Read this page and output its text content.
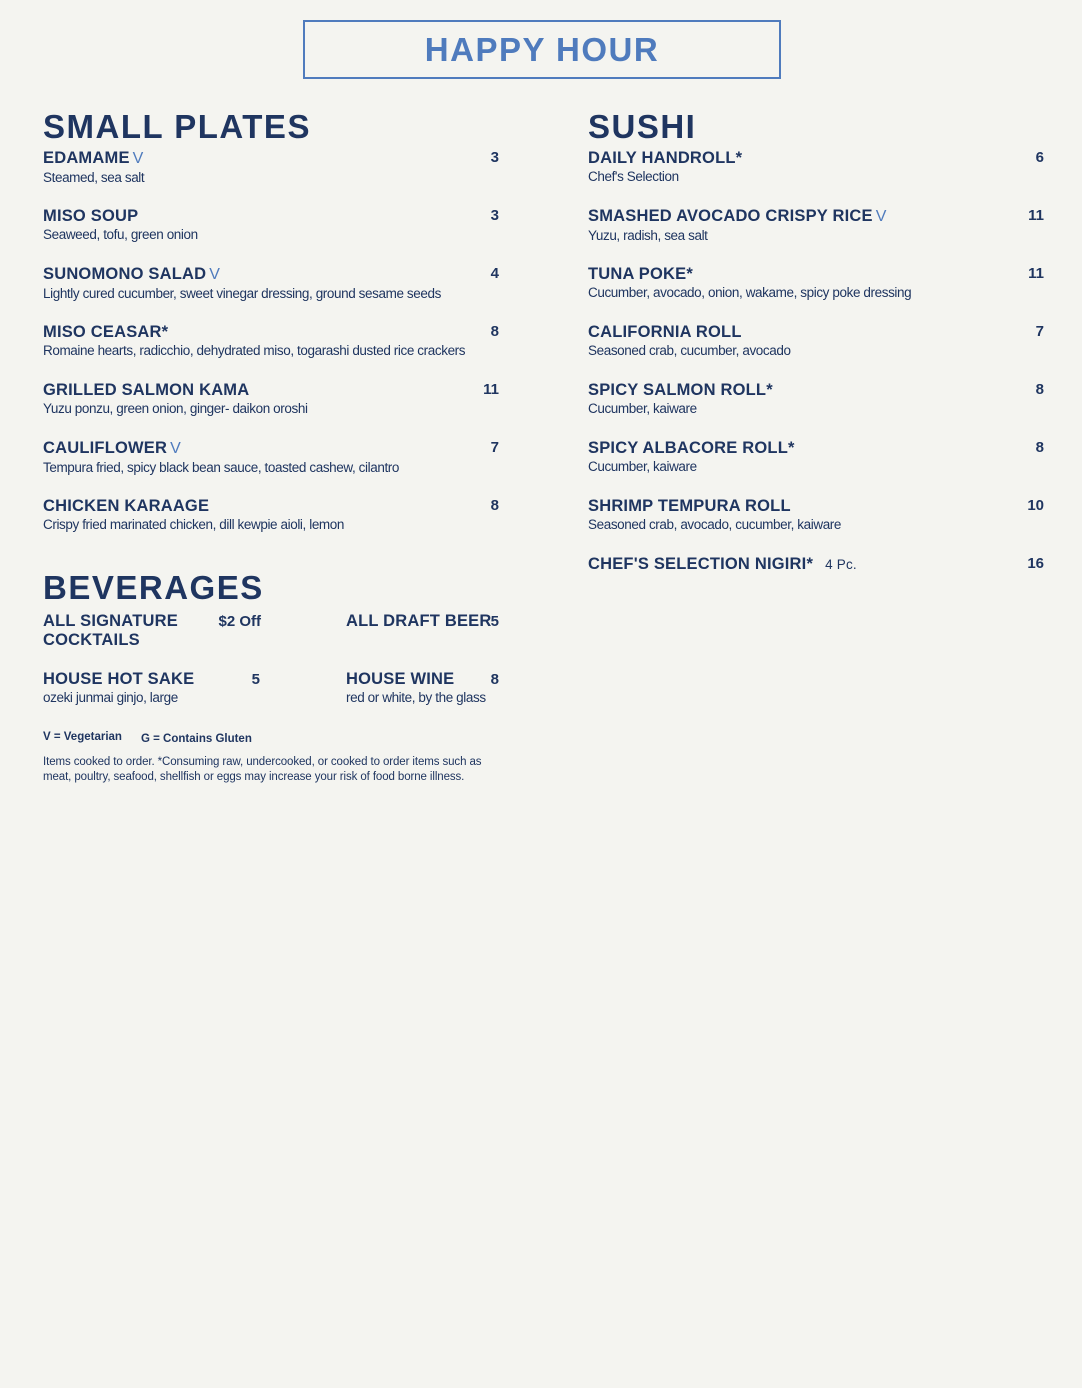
HAPPY HOUR
SMALL PLATES
EDAMAME V
Steamed, sea salt
3
MISO SOUP
Seaweed, tofu, green onion
3
SUNOMONO SALAD V
Lightly cured cucumber, sweet vinegar dressing, ground sesame seeds
4
MISO CEASAR*
Romaine hearts, radicchio, dehydrated miso, togarashi dusted rice crackers
8
GRILLED SALMON KAMA
Yuzu ponzu, green onion, ginger- daikon oroshi
11
CAULIFLOWER V
Tempura fried, spicy black bean sauce, toasted cashew, cilantro
7
CHICKEN KARAAGE
Crispy fried marinated chicken, dill kewpie aioli, lemon
8
SUSHI
DAILY HANDROLL*
Chef's Selection
6
SMASHED AVOCADO CRISPY RICE V
Yuzu, radish, sea salt
11
TUNA POKE*
Cucumber, avocado, onion, wakame, spicy poke dressing
11
CALIFORNIA ROLL
Seasoned crab, cucumber, avocado
7
SPICY SALMON ROLL*
Cucumber, kaiware
8
SPICY ALBACORE ROLL*
Cucumber, kaiware
8
SHRIMP TEMPURA ROLL
Seasoned crab, avocado, cucumber, kaiware
10
CHEF'S SELECTION NIGIRI* 4 Pc.	16
BEVERAGES
ALL SIGNATURE
COCKTAILS
$2 Off	ALL DRAFT BEER 5
HOUSE HOT SAKE
ozeki junmai ginjo, large
5	HOUSE WINE
red or white, by the glass
8
V = Vegetarian G = Contains Gluten
Items cooked to order. *Consuming raw, undercooked, or cooked to order items such as meat, poultry, seafood, shellfish or eggs may increase your risk of food borne illness.
